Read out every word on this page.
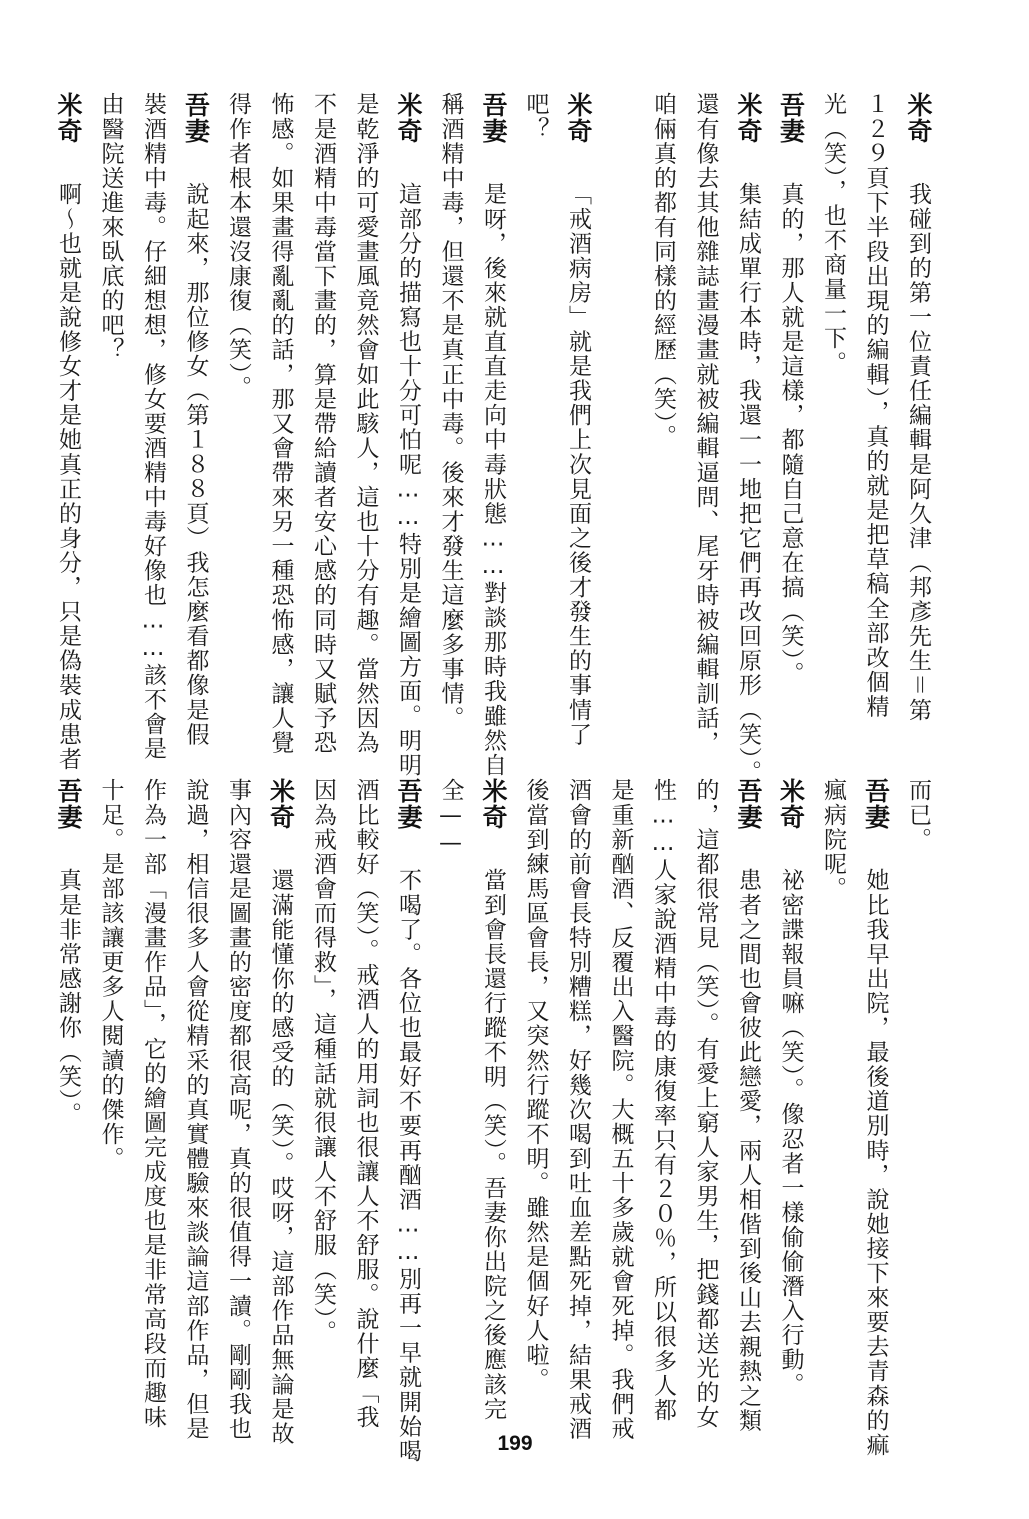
米奇
我碰到的第一位責任編輯是阿久津（邦彥先生＝第
１２９頁下半段出現的編輯），真的就是把草稿全部改個精
光（笑），也不商量一下。
吾妻
真的，那人就是這樣，都隨自己意在搞（笑）。
米奇
集結成單行本時，我還一一地把它們再改回原形（笑）。
還有像去其他雜誌畫漫畫就被編輯逼問、尾牙時被編輯訓話，
咱倆真的都有同樣的經歷（笑）。
米奇
「戒酒病房」就是我們上次見面之後才發生的事情了
吧？
吾妻
是呀，後來就直直走向中毒狀態……對談那時我雖然自
稱酒精中毒，但還不是真正中毒。後來才發生這麼多事情。
米奇
這部分的描寫也十分可怕呢……特別是繪圖方面。明明
是乾淨的可愛畫風竟然會如此駭人，這也十分有趣。當然因為
不是酒精中毒當下畫的，算是帶給讀者安心感的同時又賦予恐
怖感。如果畫得亂亂的話，那又會帶來另一種恐怖感，讓人覺
得作者根本還沒康復（笑）。
吾妻
說起來，那位修女（第１８８頁）我怎麼看都像是假
裝酒精中毒。仔細想想，修女要酒精中毒好像也……該不會是
由醫院送進來臥底的吧？
米奇
啊～也就是說修女才是她真正的身分，只是偽裝成患者
而已。
吾妻
她比我早出院，最後道別時，說她接下來要去青森的痲
瘋病院呢。
米奇
祕密諜報員嘛（笑）。像忍者一樣偷偷潛入行動。
吾妻
患者之間也會彼此戀愛，兩人相偕到後山去親熱之類
的，這都很常見（笑）。有愛上窮人家男生，把錢都送光的女
性……人家說酒精中毒的康復率只有２０％，所以很多人都
是重新酗酒、反覆出入醫院。大概五十多歲就會死掉。我們戒
酒會的前會長特別糟糕，好幾次喝到吐血差點死掉，結果戒酒
後當到練馬區會長，又突然行蹤不明。雖然是個好人啦。
米奇
當到會長還行蹤不明（笑）。吾妻你出院之後應該完
全——
吾妻
不喝了。各位也最好不要再酗酒……別再一早就開始喝
酒比較好（笑）。戒酒人的用詞也很讓人不舒服。說什麼「我
因為戒酒會而得救」，這種話就很讓人不舒服（笑）。
米奇
還滿能懂你的感受的（笑）。哎呀，這部作品無論是故
事內容還是圖畫的密度都很高呢，真的很值得一讀。剛剛我也
說過，相信很多人會從精采的真實體驗來談論這部作品，但是
作為一部「漫畫作品」，它的繪圖完成度也是非常高段而趣味
十足。是部該讓更多人閱讀的傑作。
吾妻
真是非常感謝你（笑）。
199
